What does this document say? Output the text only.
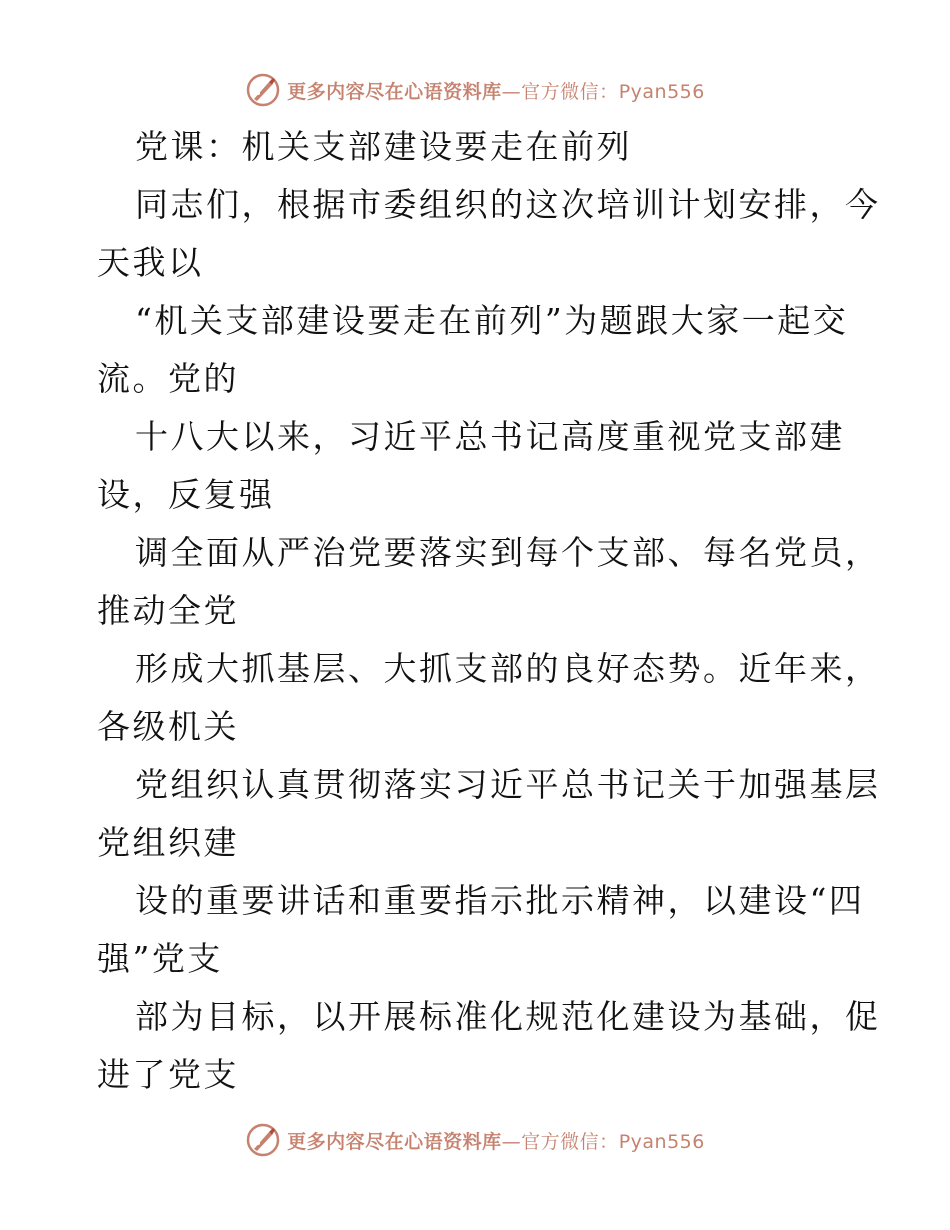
更多内容尽在心语资料库—官方微信：Pyan556
党课：机关支部建设要走在前列
同志们，根据市委组织的这次培训计划安排，今
天我以
“机关支部建设要走在前列”为题跟大家一起交
流。党的
十八大以来，习近平总书记高度重视党支部建
设，反复强
调全面从严治党要落实到每个支部、每名党员，
推动全党
形成大抓基层、大抓支部的良好态势。近年来，
各级机关
党组织认真贯彻落实习近平总书记关于加强基层
党组织建
设的重要讲话和重要指示批示精神，以建设“四
强”党支
部为目标，以开展标准化规范化建设为基础，促
进了党支
更多内容尽在心语资料库—官方微信：Pyan556
